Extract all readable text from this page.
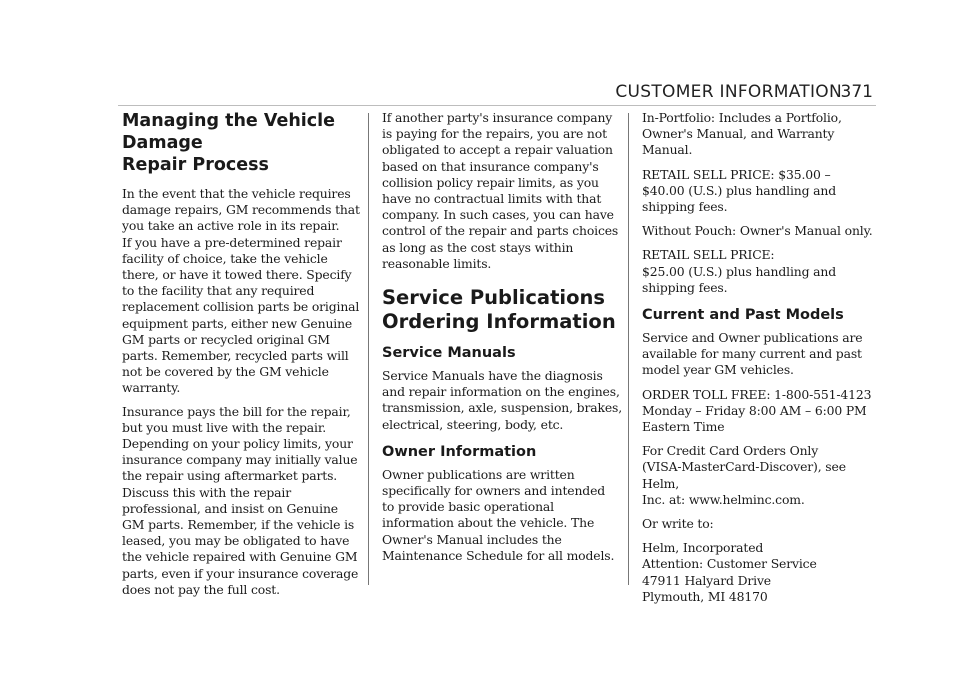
CUSTOMER INFORMATION
371
Managing the Vehicle Damage
Repair Process

In the event that the vehicle requires
damage repairs, GM recommends that
you take an active role in its repair.
If you have a pre-determined repair
facility of choice, take the vehicle
there, or have it towed there. Specify
to the facility that any required
replacement collision parts be original
equipment parts, either new Genuine
GM parts or recycled original GM
parts. Remember, recycled parts will
not be covered by the GM vehicle
warranty.

Insurance pays the bill for the repair,
but you must live with the repair.
Depending on your policy limits, your
insurance company may initially value
the repair using aftermarket parts.
Discuss this with the repair
professional, and insist on Genuine
GM parts. Remember, if the vehicle is
leased, you may be obligated to have
the vehicle repaired with Genuine GM
parts, even if your insurance coverage
does not pay the full cost.

If another party's insurance company
is paying for the repairs, you are not
obligated to accept a repair valuation
based on that insurance company's
collision policy repair limits, as you
have no contractual limits with that
company. In such cases, you can have
control of the repair and parts choices
as long as the cost stays within
reasonable limits.

Service Publications
Ordering Information
Service Manuals

Service Manuals have the diagnosis
and repair information on the engines,
transmission, axle, suspension, brakes,
electrical, steering, body, etc.

Owner Information

Owner publications are written
specifically for owners and intended
to provide basic operational
information about the vehicle. The
Owner's Manual includes the
Maintenance Schedule for all models.

In-Portfolio: Includes a Portfolio,
Owner's Manual, and Warranty
Manual.

RETAIL SELL PRICE: $35.00 –
$40.00 (U.S.) plus handling and
shipping fees.

Without Pouch: Owner's Manual only.

RETAIL SELL PRICE:
$25.00 (U.S.) plus handling and
shipping fees.

Current and Past Models

Service and Owner publications are
available for many current and past
model year GM vehicles.

ORDER TOLL FREE: 1-800-551-4123
Monday – Friday 8:00 AM – 6:00 PM
Eastern Time

For Credit Card Orders Only
(VISA-MasterCard-Discover), see Helm,
Inc. at: www.helminc.com.

Or write to:

Helm, Incorporated
Attention: Customer Service
47911 Halyard Drive
Plymouth, MI 48170
